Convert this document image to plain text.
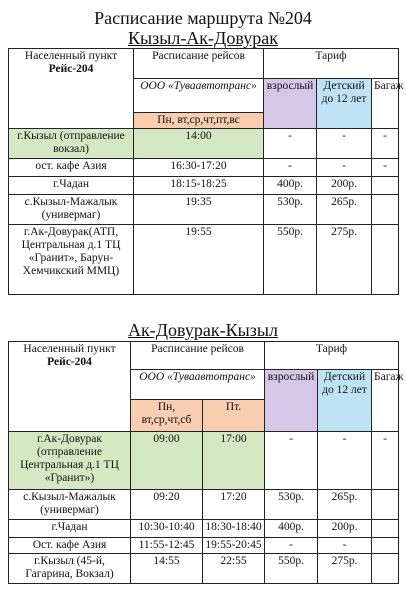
Расписание маршрута №204
Кызыл-Ак-Довурак
Населенный пункт
Рейс-204	Расписание рейсов	Тариф		
	ООО «Туваавтотранс»	взрослый	Детский до 12 лет	Багаж
	Пн, вт,ср,чт,пт,вс			
г.Кызыл (отправление вокзал)	14:00	-	-	-
ост. кафе Азия	16:30-17:20	-	-	-
г.Чадан	18:15-18:25	400р.	200р.	
с.Кызыл-Мажалык (универмаг)	19:35	530р.	265р.	
г.Ак-Довурак(АТП, Центральная д.1 ТЦ «Гранит», Барун-Хемчикский ММЦ)	19:55	550р.	275р.	
Ак-Довурак-Кызыл
Населенный пункт
Рейс-204	Расписание рейсов		Тариф		
	ООО «Туваавтотранс»		взрослый	Детский до 12 лет	Багаж
	Пн, вт,ср,чт,сб	Пт.			
г.Ак-Довурак (отправление Центральная д.1 ТЦ «Гранит»)	09:00	17:00	-	-	-
с.Кызыл-Мажалык (универмаг)	09:20	17:20	530р.	265р.	
г.Чадан	10:30-10:40	18:30-18:40	400р.	200р.	
Ост. кафе Азия	11:55-12:45	19:55-20:45	-	-	
г.Кызыл (45-й, Гагарина, Вокзал)	14:55	22:55	550р.	275р.	
